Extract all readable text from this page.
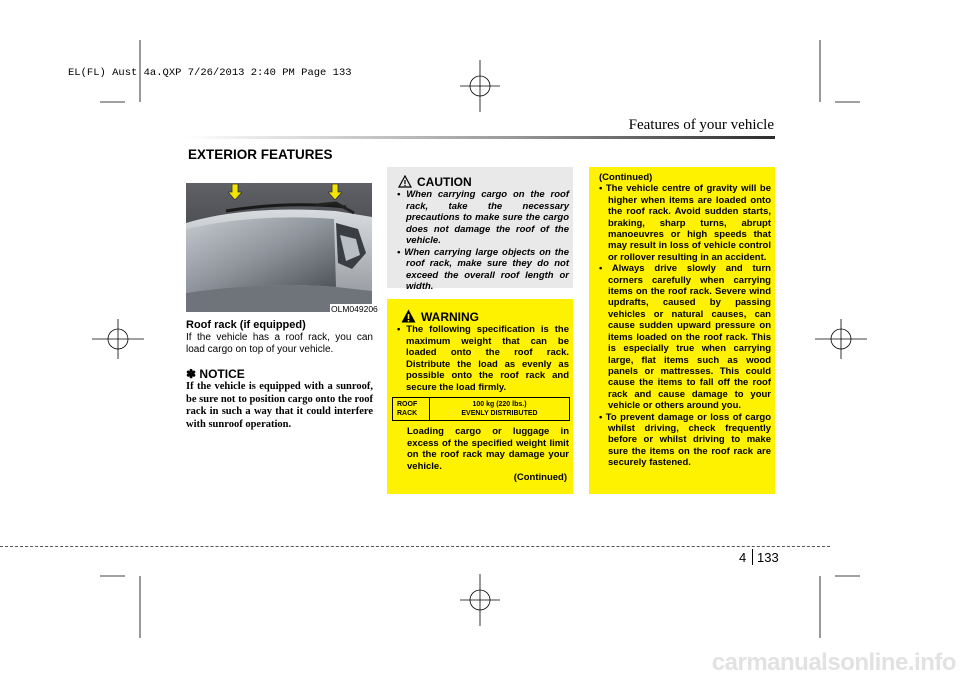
EL(FL) Aust 4a.QXP 7/26/2013 2:40 PM Page 133
Features of your vehicle
EXTERIOR FEATURES
OLM049206
Roof rack (if equipped)
If the vehicle has a roof rack, you can load cargo on top of your vehicle.
✽ NOTICE
If the vehicle is equipped with a sunroof, be sure not to position cargo onto the roof rack in such a way that it could interfere with sunroof operation.
CAUTION
• When carrying cargo on the roof rack, take the necessary precautions to make sure the cargo does not damage the roof of the vehicle.
• When carrying large objects on the roof rack, make sure they do not exceed the overall roof length or width.
WARNING
• The following specification is the maximum weight that can be loaded onto the roof rack. Distribute the load as evenly as possible onto the roof rack and secure the load firmly.
Loading cargo or luggage in excess of the specified weight limit on the roof rack may damage your vehicle.
(Continued)
ROOF
RACK
100 kg (220 lbs.)
EVENLY DISTRIBUTED
(Continued)
• The vehicle centre of gravity will be higher when items are loaded onto the roof rack. Avoid sudden starts, braking, sharp turns, abrupt manoeuvres or high speeds that may result in loss of vehicle control or rollover resulting in an accident.
• Always drive slowly and turn corners carefully when carrying items on the roof rack. Severe wind updrafts, caused by passing vehicles or natural causes, can cause sudden upward pressure on items loaded on the roof rack. This is especially true when carrying large, flat items such as wood panels or mattresses. This could cause the items to fall off the roof rack and cause damage to your vehicle or others around you.
• To prevent damage or loss of cargo whilst driving, check frequently before or whilst driving to make sure the items on the roof rack are securely fastened.
4 133
carmanualsonline.info
